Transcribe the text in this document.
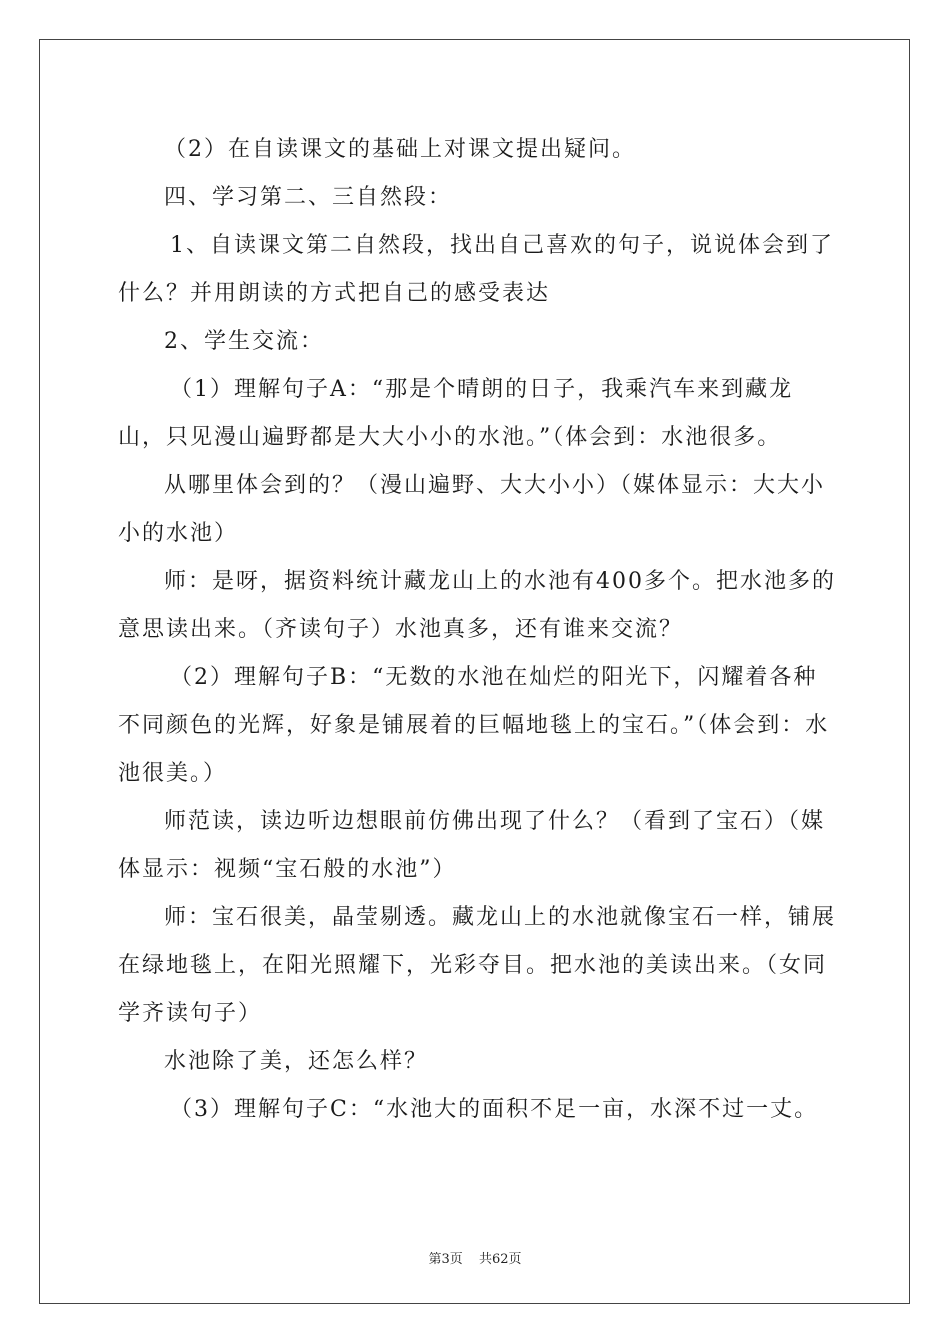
（2）在自读课文的基础上对课文提出疑问。

四、学习第二、三自然段：

1、自读课文第二自然段，找出自己喜欢的句子，说说体会到了什么？并用朗读的方式把自己的感受表达

2、学生交流：

（1）理解句子A：“那是个晴朗的日子，我乘汽车来到藏龙山，只见漫山遍野都是大大小小的水池。”（体会到：水池很多。

从哪里体会到的？（漫山遍野、大大小小）（媒体显示：大大小小的水池）

师：是呀，据资料统计藏龙山上的水池有400多个。把水池多的意思读出来。（齐读句子）水池真多，还有谁来交流？

（2）理解句子B：“无数的水池在灿烂的阳光下，闪耀着各种不同颜色的光辉，好象是铺展着的巨幅地毯上的宝石。”（体会到：水池很美。）

师范读，读边听边想眼前仿佛出现了什么？（看到了宝石）（媒体显示：视频“宝石般的水池”）

师：宝石很美，晶莹剔透。藏龙山上的水池就像宝石一样，铺展在绿地毯上，在阳光照耀下，光彩夺目。把水池的美读出来。（女同学齐读句子）

水池除了美，还怎么样？

（3）理解句子C：“水池大的面积不足一亩，水深不过一丈。

第3页 共62页
